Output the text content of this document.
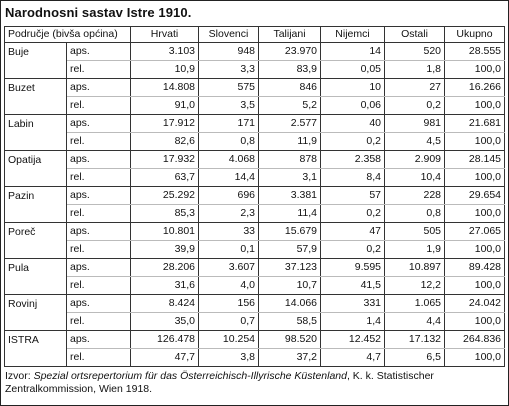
Narodnosni sastav Istre 1910.
Područje (bivša općina)		Hrvati	Slovenci	Talijani	Nijemci	Ostali	Ukupno
Buje	aps.	3.103	948	23.970	14	520	28.555
	rel.	10,9	3,3	83,9	0,05	1,8	100,0
Buzet	aps.	14.808	575	846	10	27	16.266
	rel.	91,0	3,5	5,2	0,06	0,2	100,0
Labin	aps.	17.912	171	2.577	40	981	21.681
	rel.	82,6	0,8	11,9	0,2	4,5	100,0
Opatija	aps.	17.932	4.068	878	2.358	2.909	28.145
	rel.	63,7	14,4	3,1	8,4	10,4	100,0
Pazin	aps.	25.292	696	3.381	57	228	29.654
	rel.	85,3	2,3	11,4	0,2	0,8	100,0
Poreč	aps.	10.801	33	15.679	47	505	27.065
	rel.	39,9	0,1	57,9	0,2	1,9	100,0
Pula	aps.	28.206	3.607	37.123	9.595	10.897	89.428
	rel.	31,6	4,0	10,7	41,5	12,2	100,0
Rovinj	aps.	8.424	156	14.066	331	1.065	24.042
	rel.	35,0	0,7	58,5	1,4	4,4	100,0
ISTRA	aps.	126.478	10.254	98.520	12.452	17.132	264.836
	rel.	47,7	3,8	37,2	4,7	6,5	100,0
Izvor: Spezial ortsrepertorium für das Österreichisch-Illyrische Küstenland, K. k. Statistischer Zentralkommission, Wien 1918.
